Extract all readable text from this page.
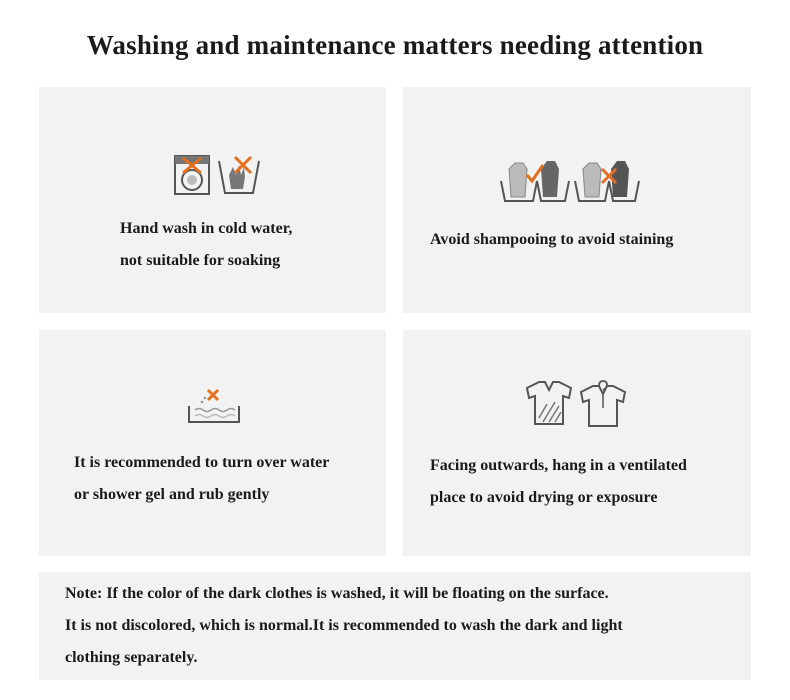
Washing and maintenance matters needing attention
Hand wash in cold water,
not suitable for soaking
Avoid shampooing to avoid staining
It is recommended to turn over water
or shower gel and rub gently
Facing outwards, hang in a ventilated
place to avoid drying or exposure
Note: If the color of the dark clothes is washed, it will be floating on the surface.
It is not discolored, which is normal.It is recommended to wash the dark and light
clothing separately.
